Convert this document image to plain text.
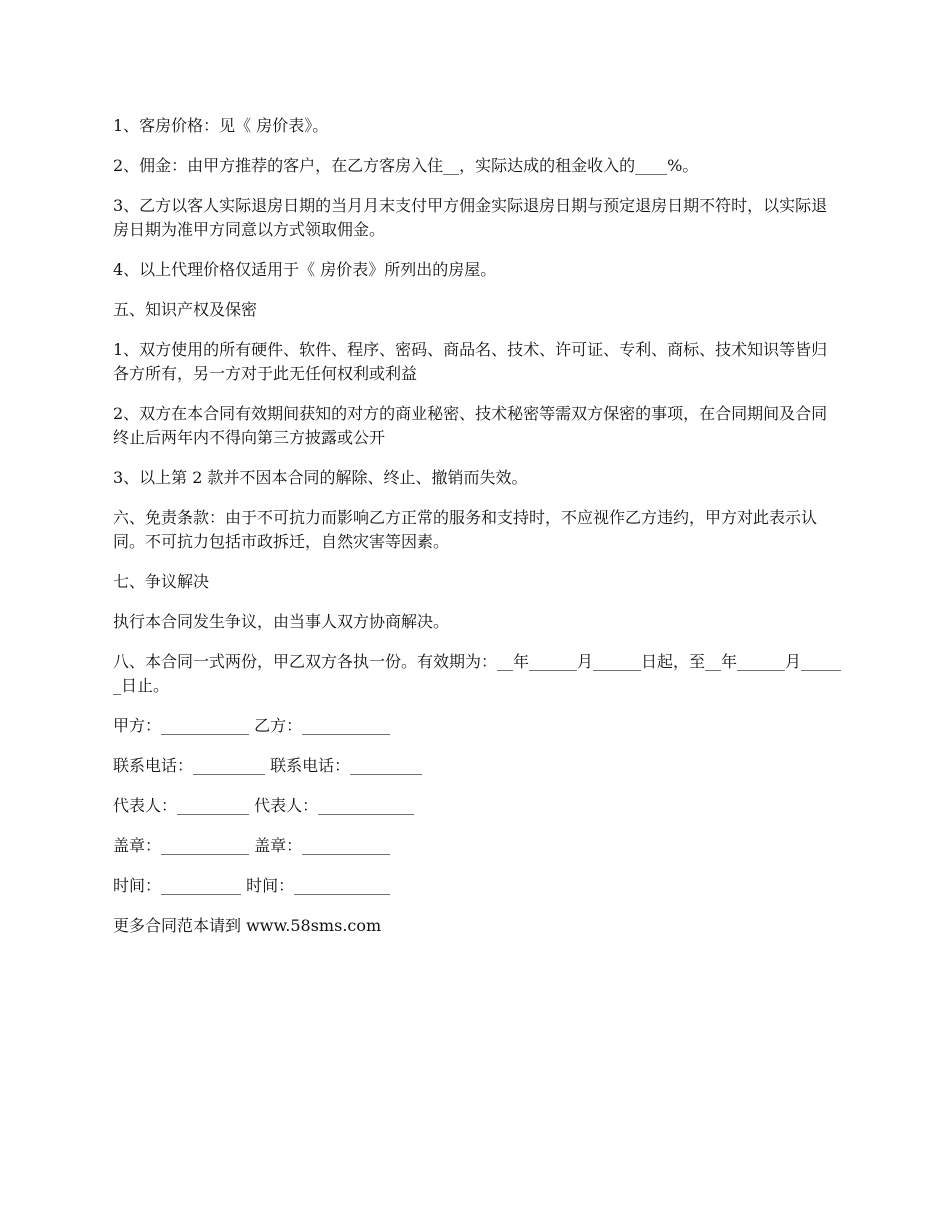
1、客房价格：见《 房价表》。

2、佣金：由甲方推荐的客户，在乙方客房入住__，实际达成的租金收入的____%。

3、乙方以客人实际退房日期的当月月末支付甲方佣金实际退房日期与预定退房日期不符时，以实际退房日期为准甲方同意以方式领取佣金。

4、以上代理价格仅适用于《 房价表》所列出的房屋。

五、知识产权及保密

1、双方使用的所有硬件、软件、程序、密码、商品名、技术、许可证、专利、商标、技术知识等皆归各方所有，另一方对于此无任何权利或利益

2、双方在本合同有效期间获知的对方的商业秘密、技术秘密等需双方保密的事项，在合同期间及合同终止后两年内不得向第三方披露或公开

3、以上第 2 款并不因本合同的解除、终止、撤销而失效。

六、免责条款：由于不可抗力而影响乙方正常的服务和支持时，不应视作乙方违约，甲方对此表示认同。不可抗力包括市政拆迁，自然灾害等因素。

七、争议解决

执行本合同发生争议，由当事人双方协商解决。

八、本合同一式两份，甲乙双方各执一份。有效期为：__年______月______日起，至__年______月______日止。

甲方：___________ 乙方：___________

联系电话：_________ 联系电话：_________

代表人：_________ 代表人：____________

盖章：___________ 盖章：___________

时间：__________ 时间：____________

更多合同范本请到 www.58sms.com
